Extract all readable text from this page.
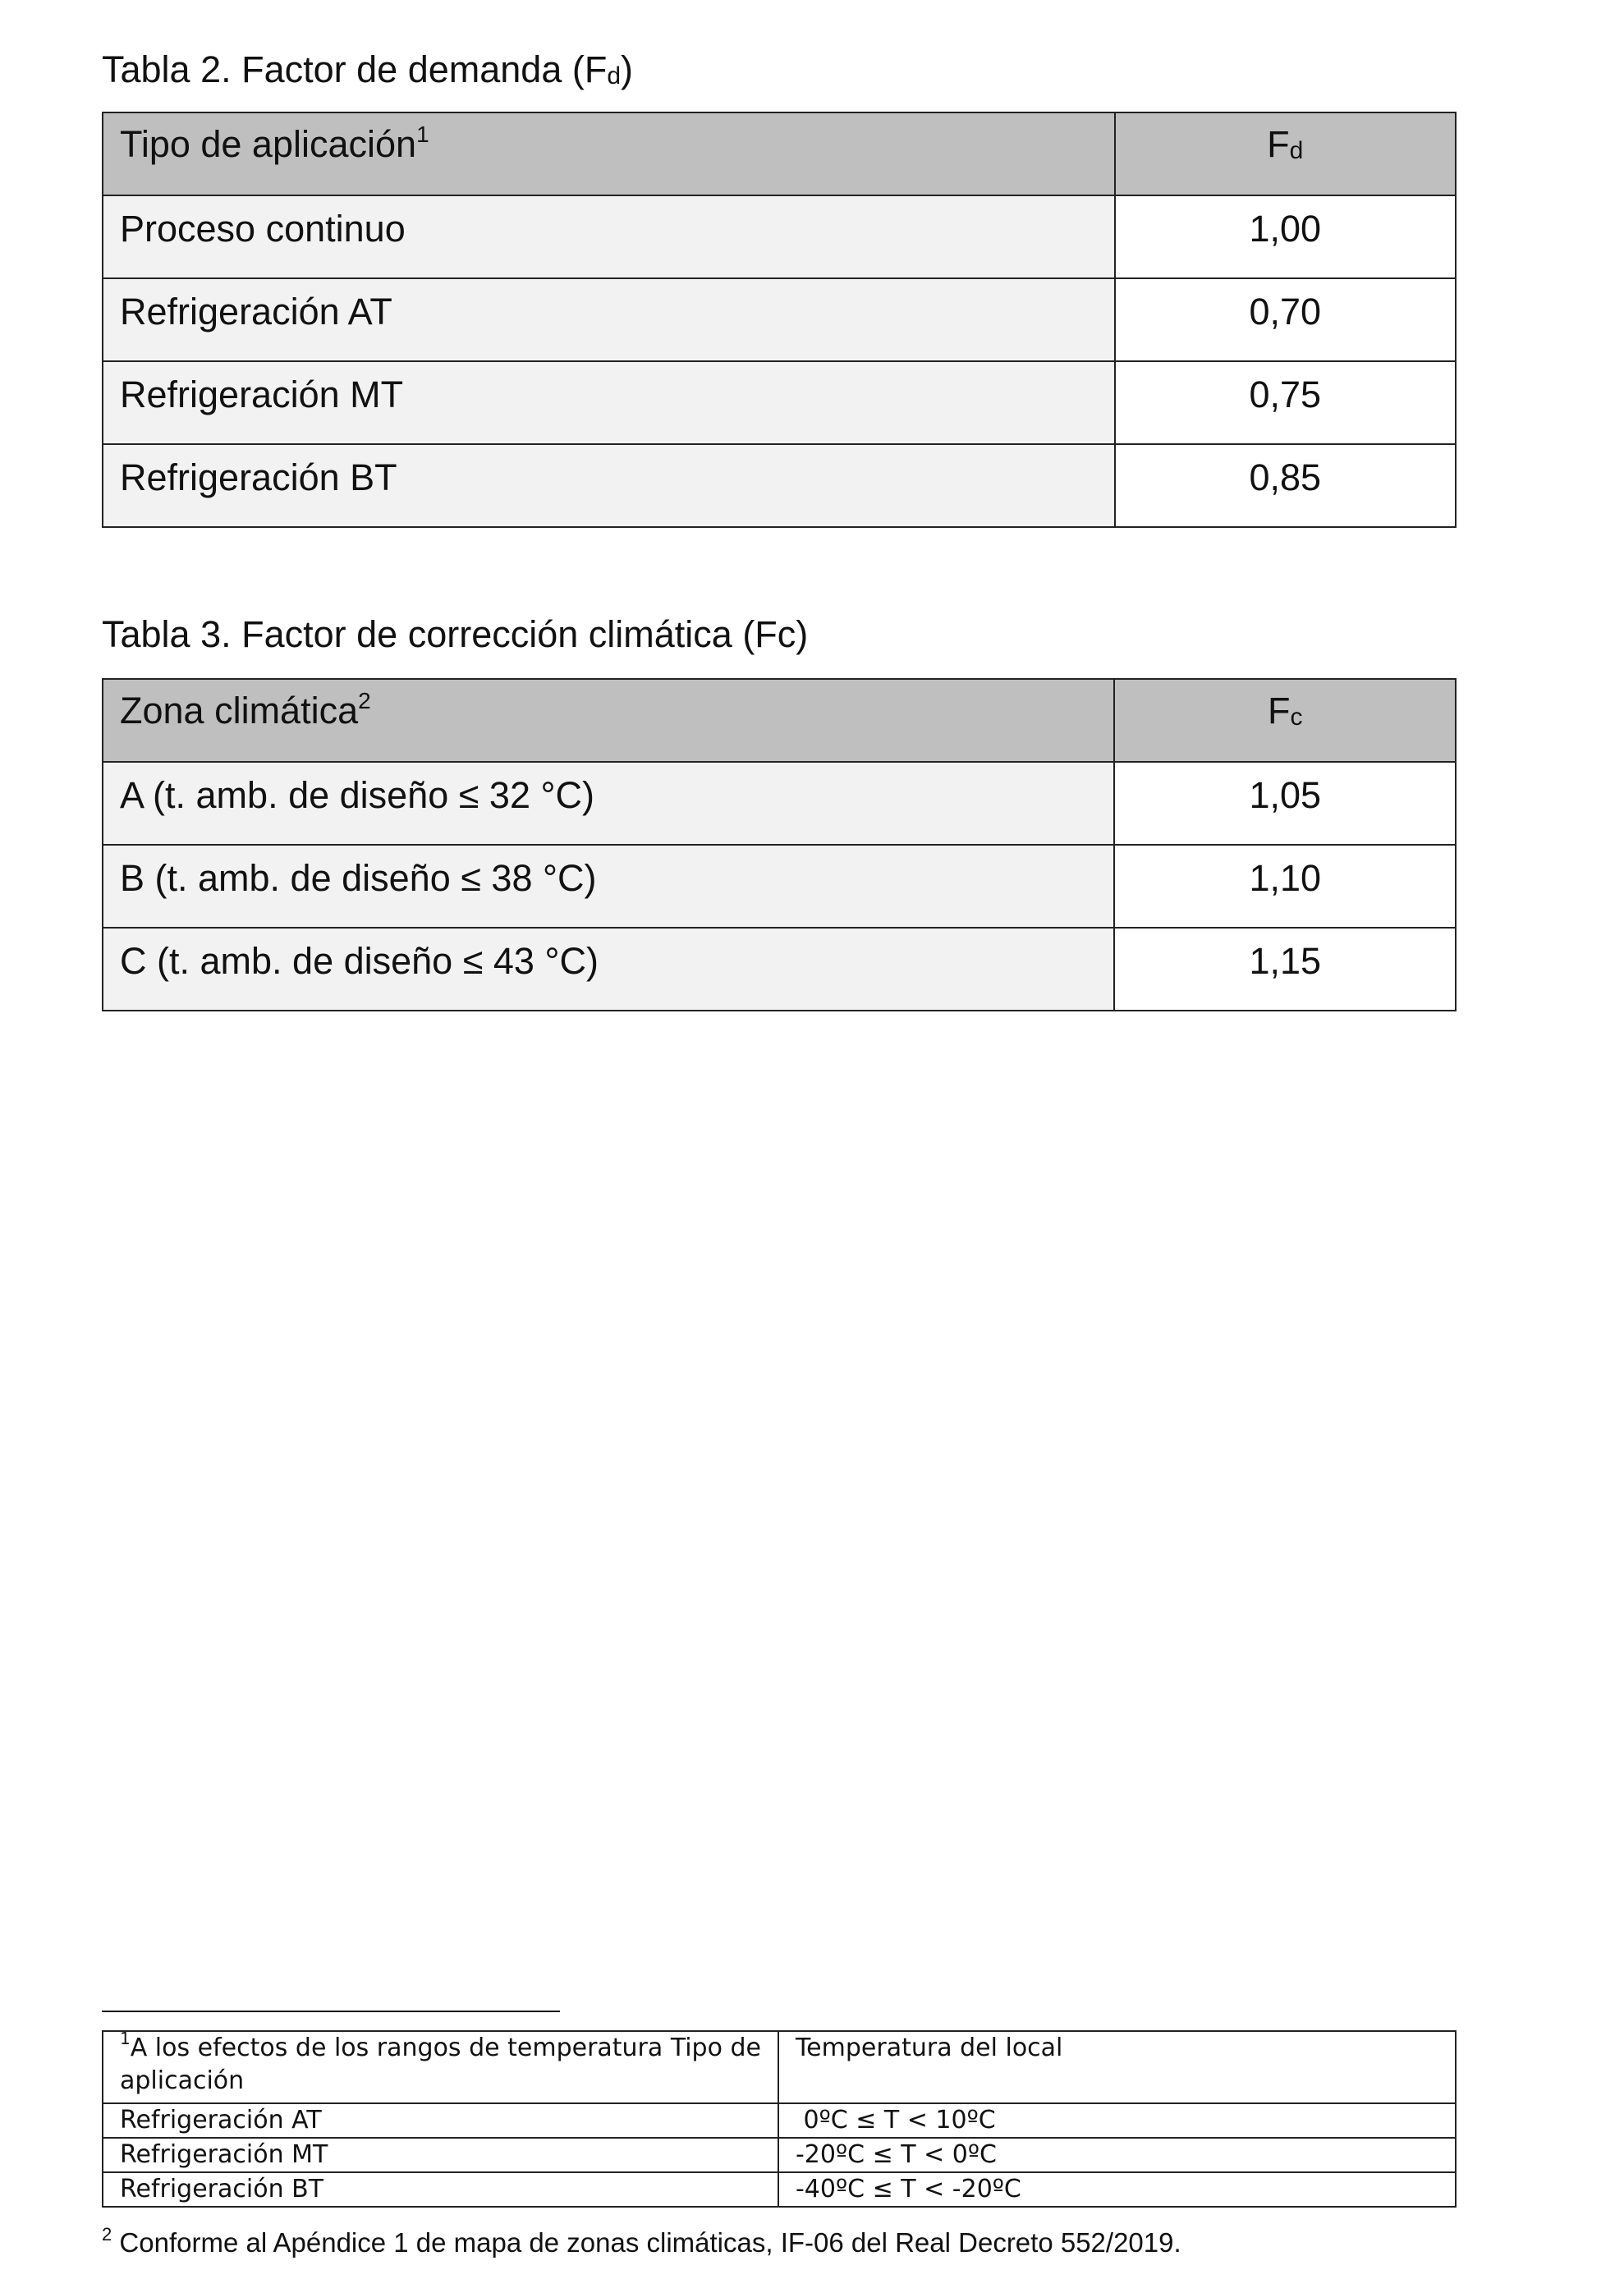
Tabla 2. Factor de demanda (Fd)

Tipo de aplicación$^1$	Fd
Proceso continuo	1,00
Refrigeración AT	0,70
Refrigeración MT	0,75
Refrigeración BT	0,85

Tabla 3. Factor de corrección climática (Fc)

Zona climática$^2$	Fc
A (t. amb. de diseño ≤ 32 °C)	1,05
B (t. amb. de diseño ≤ 38 °C)	1,10
C (t. amb. de diseño ≤ 43 °C)	1,15
$^1$A los efectos de los rangos de temperatura Tipo de aplicación	Temperatura del local
Refrigeración AT	0ºC ≤ T < 10ºC
Refrigeración MT	-20ºC ≤ T < 0ºC
Refrigeración BT	-40ºC ≤ T < -20ºC

$^2$ Conforme al Apéndice 1 de mapa de zonas climáticas, IF-06 del Real Decreto 552/2019.
